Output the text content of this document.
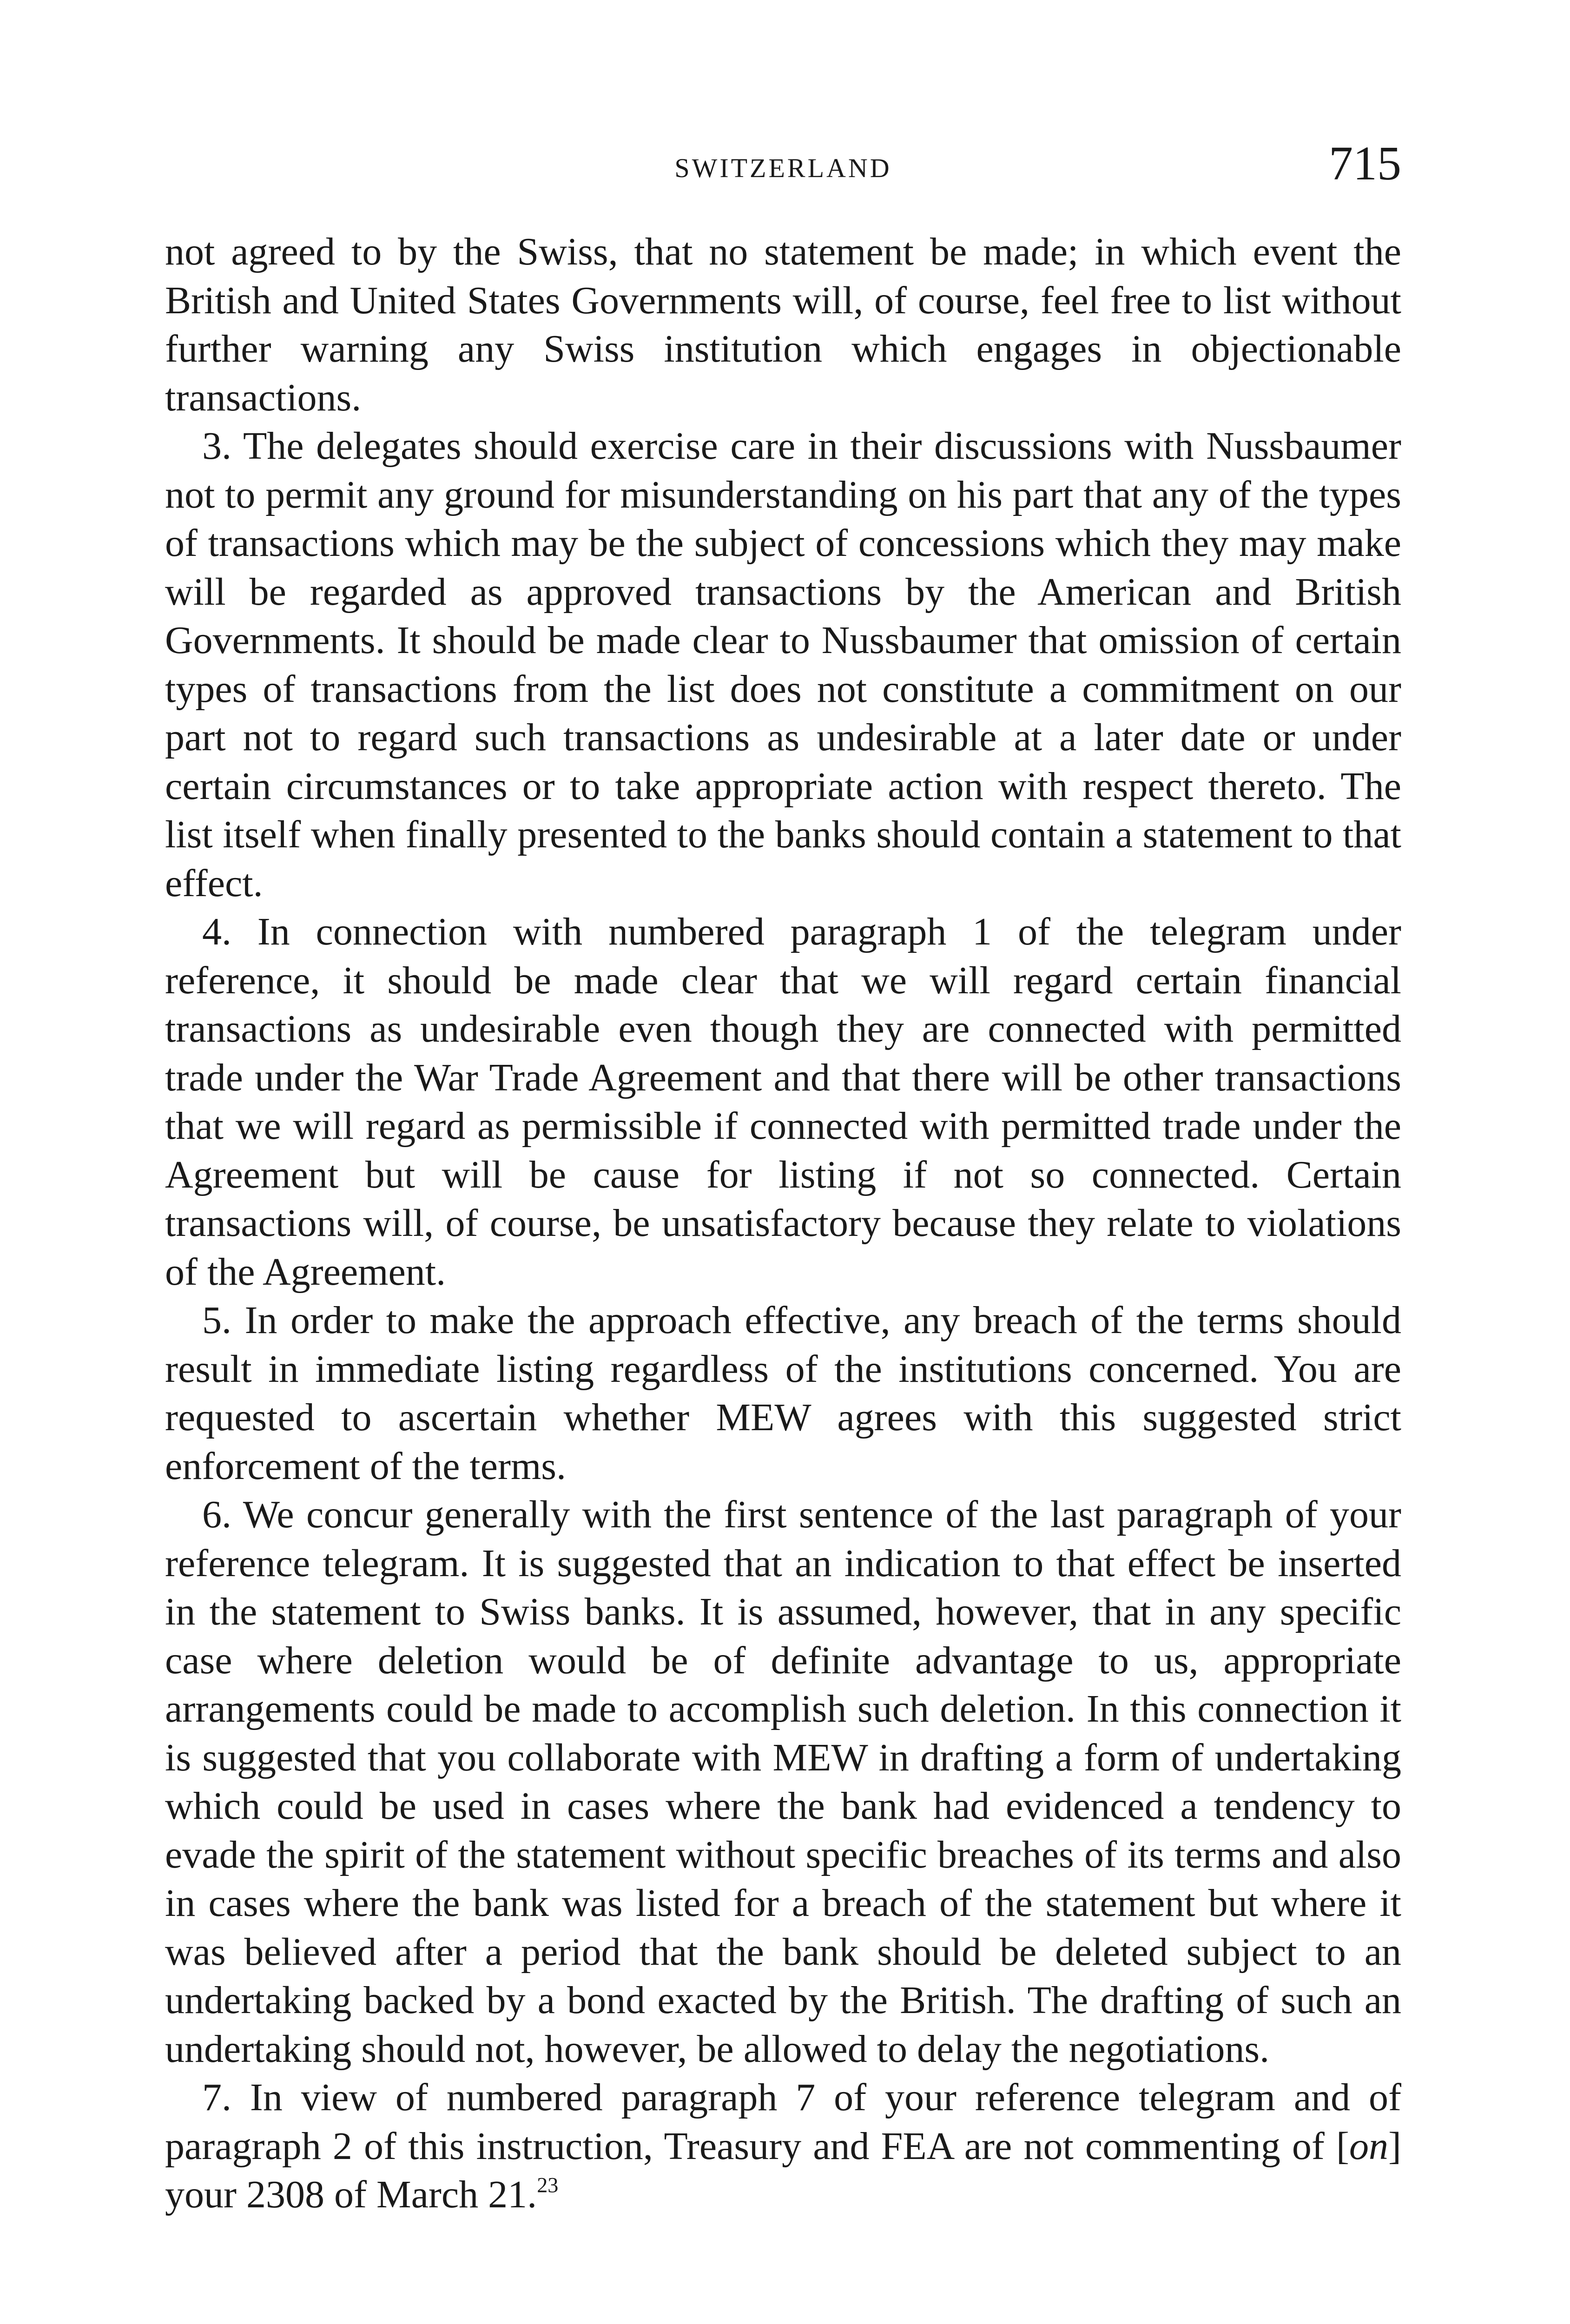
SWITZERLAND	715

not agreed to by the Swiss, that no statement be made; in which event the British and United States Governments will, of course, feel free to list without further warning any Swiss institution which engages in objectionable transactions.

3. The delegates should exercise care in their discussions with Nussbaumer not to permit any ground for misunderstanding on his part that any of the types of transactions which may be the subject of concessions which they may make will be regarded as approved transactions by the American and British Governments. It should be made clear to Nussbaumer that omission of certain types of transactions from the list does not constitute a commitment on our part not to regard such transactions as undesirable at a later date or under certain circumstances or to take appropriate action with respect thereto. The list itself when finally presented to the banks should contain a statement to that effect.

4. In connection with numbered paragraph 1 of the telegram under reference, it should be made clear that we will regard certain financial transactions as undesirable even though they are connected with permitted trade under the War Trade Agreement and that there will be other transactions that we will regard as permissible if connected with permitted trade under the Agreement but will be cause for listing if not so connected. Certain transactions will, of course, be unsatisfactory because they relate to violations of the Agreement.

5. In order to make the approach effective, any breach of the terms should result in immediate listing regardless of the institutions concerned. You are requested to ascertain whether MEW agrees with this suggested strict enforcement of the terms.

6. We concur generally with the first sentence of the last paragraph of your reference telegram. It is suggested that an indication to that effect be inserted in the statement to Swiss banks. It is assumed, however, that in any specific case where deletion would be of definite advantage to us, appropriate arrangements could be made to accomplish such deletion. In this connection it is suggested that you collaborate with MEW in drafting a form of undertaking which could be used in cases where the bank had evidenced a tendency to evade the spirit of the statement without specific breaches of its terms and also in cases where the bank was listed for a breach of the statement but where it was believed after a period that the bank should be deleted subject to an undertaking backed by a bond exacted by the British. The drafting of such an undertaking should not, however, be allowed to delay the negotiations.

7. In view of numbered paragraph 7 of your reference telegram and of paragraph 2 of this instruction, Treasury and FEA are not commenting of [on] your 2308 of March 21.23
